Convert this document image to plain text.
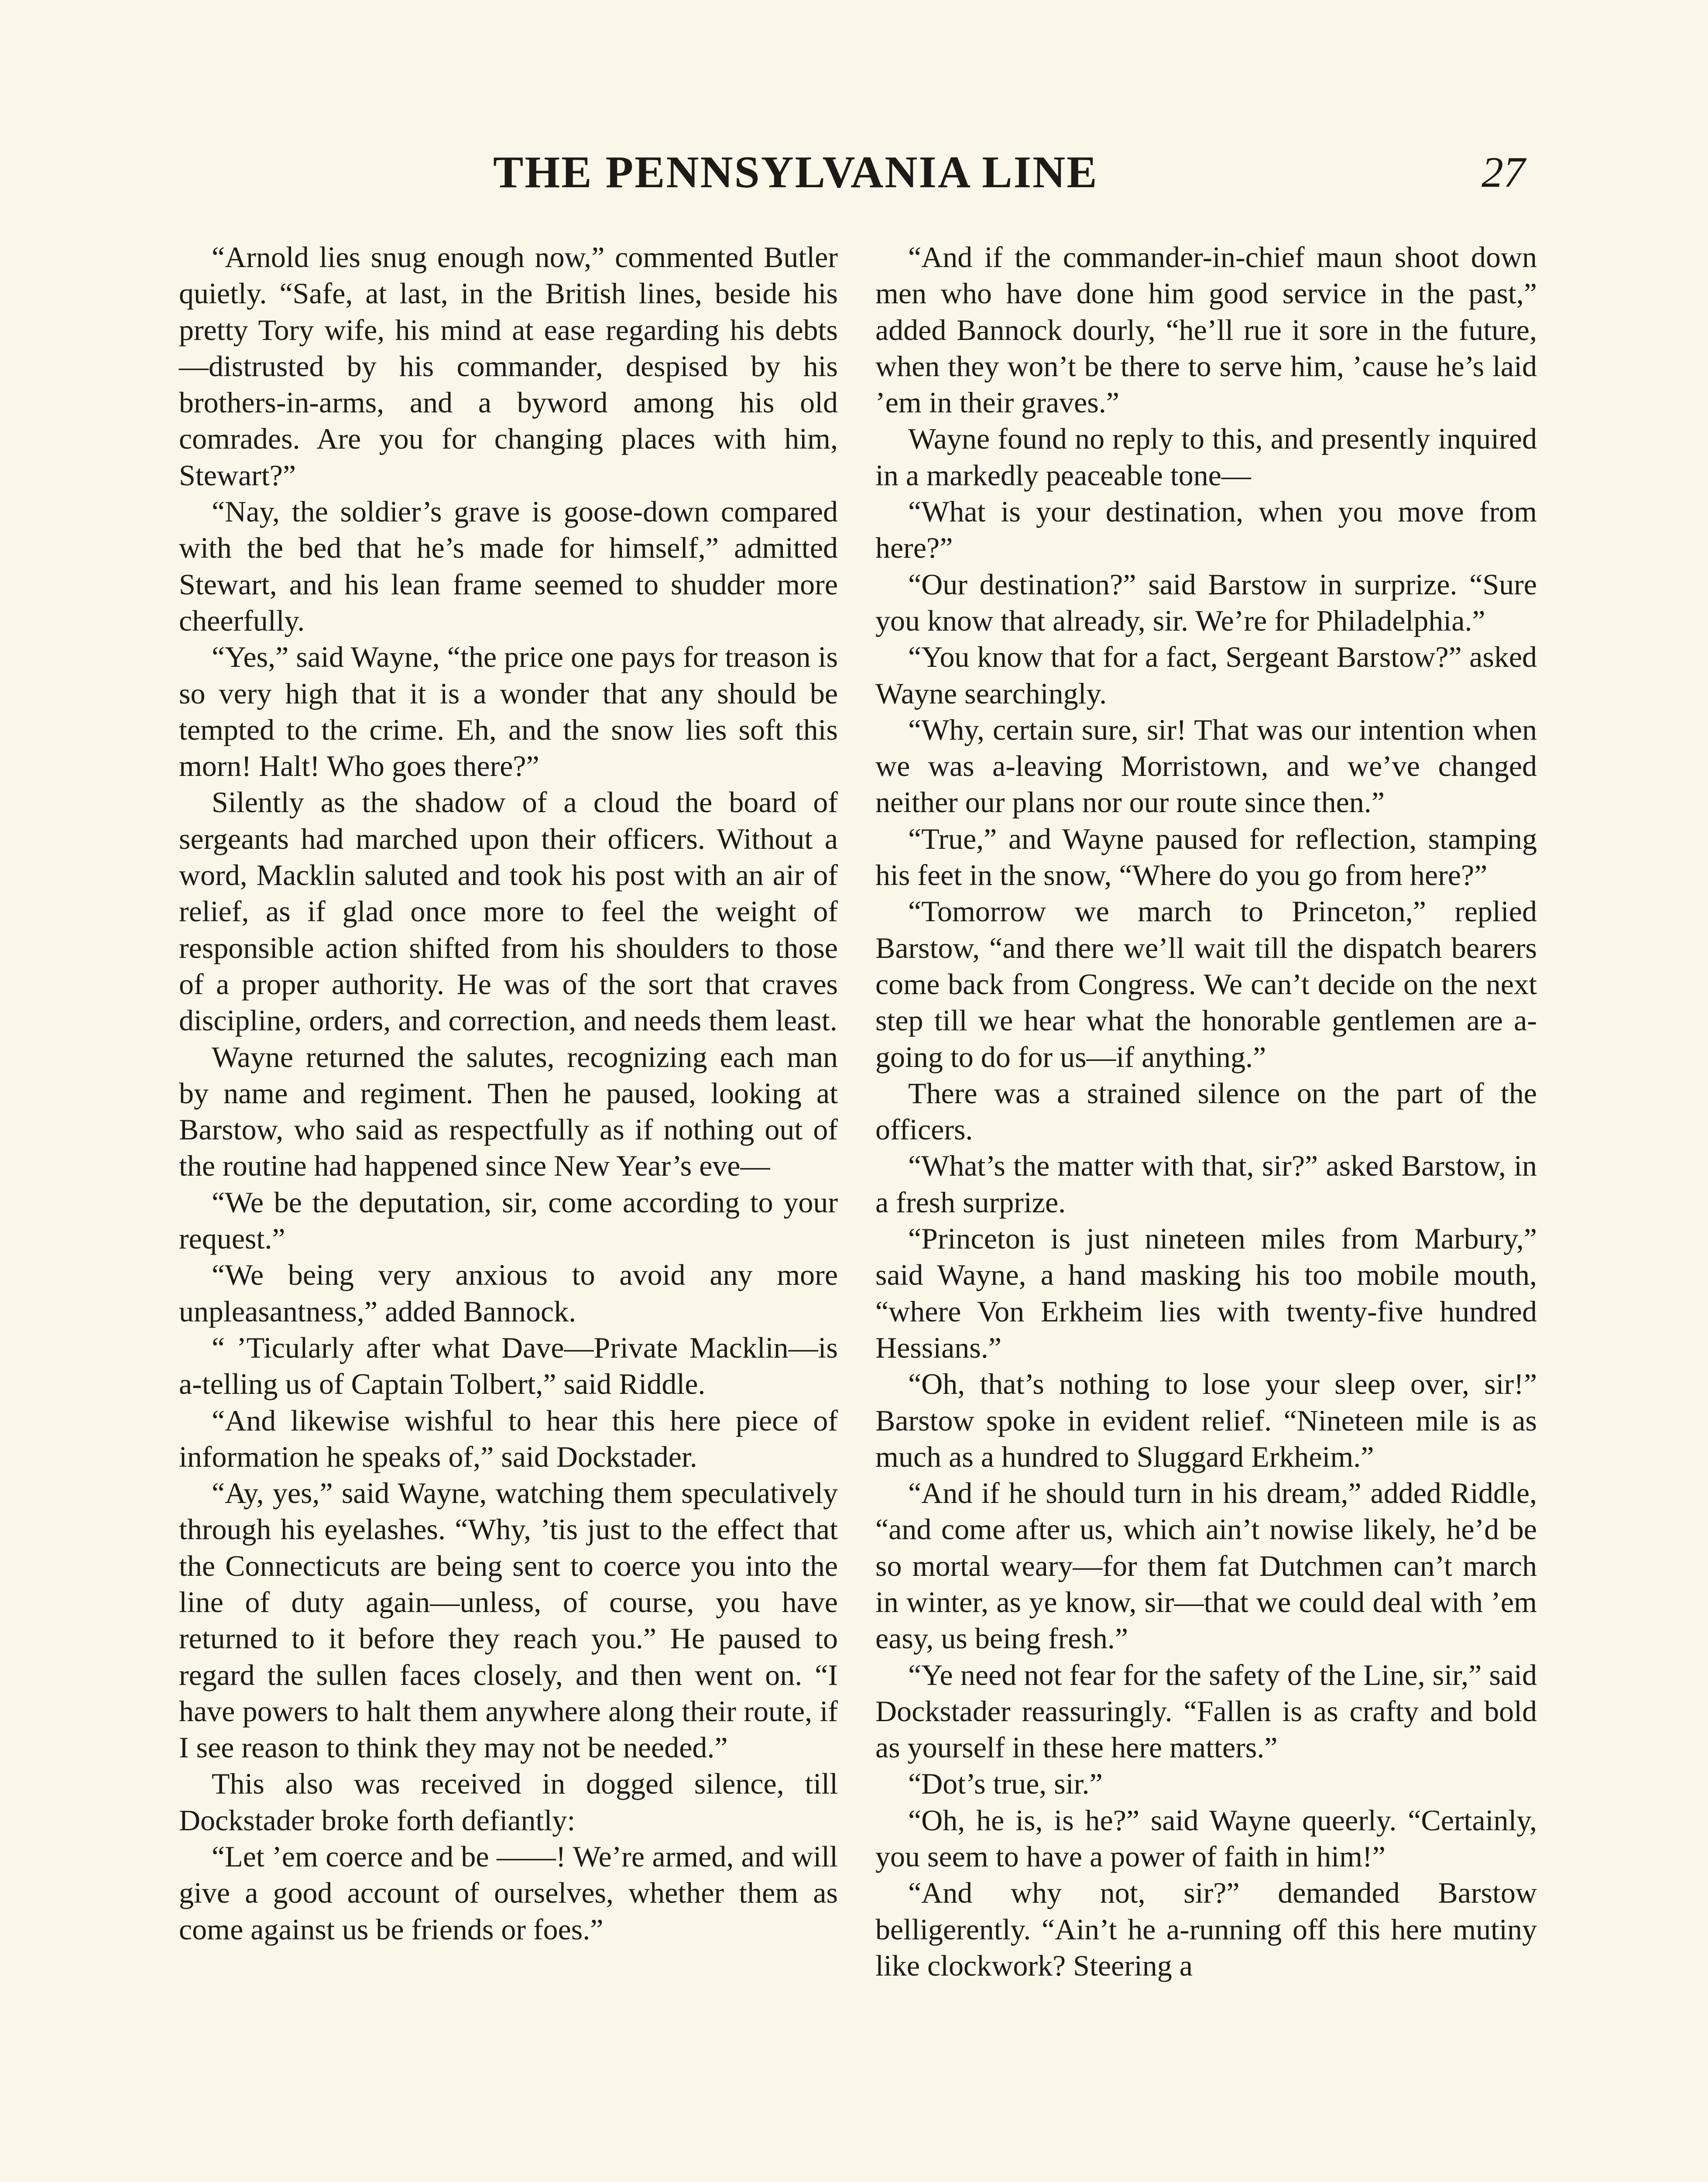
THE PENNSYLVANIA LINE	27

“Arnold lies snug enough now,” commented Butler quietly. “Safe, at last, in the British lines, beside his pretty Tory wife, his mind at ease regarding his debts—distrusted by his commander, despised by his brothers-in-arms, and a byword among his old comrades. Are you for changing places with him, Stewart?”

“Nay, the soldier’s grave is goose-down compared with the bed that he’s made for himself,” admitted Stewart, and his lean frame seemed to shudder more cheerfully.

“Yes,” said Wayne, “the price one pays for treason is so very high that it is a wonder that any should be tempted to the crime. Eh, and the snow lies soft this morn! Halt! Who goes there?”

Silently as the shadow of a cloud the board of sergeants had marched upon their officers. Without a word, Macklin saluted and took his post with an air of relief, as if glad once more to feel the weight of responsible action shifted from his shoulders to those of a proper authority. He was of the sort that craves discipline, orders, and correction, and needs them least.

Wayne returned the salutes, recognizing each man by name and regiment. Then he paused, looking at Barstow, who said as respectfully as if nothing out of the routine had happened since New Year’s eve—

“We be the deputation, sir, come according to your request.”

“We being very anxious to avoid any more unpleasantness,” added Bannock.

“ ’Ticularly after what Dave—Private Macklin—is a-telling us of Captain Tolbert,” said Riddle.

“And likewise wishful to hear this here piece of information he speaks of,” said Dockstader.

“Ay, yes,” said Wayne, watching them speculatively through his eyelashes. “Why, ’tis just to the effect that the Connecticuts are being sent to coerce you into the line of duty again—unless, of course, you have returned to it before they reach you.” He paused to regard the sullen faces closely, and then went on. “I have powers to halt them anywhere along their route, if I see reason to think they may not be needed.”

This also was received in dogged silence, till Dockstader broke forth defiantly:

“Let ’em coerce and be ——! We’re armed, and will give a good account of ourselves, whether them as come against us be friends or foes.”

“And if the commander-in-chief maun shoot down men who have done him good service in the past,” added Bannock dourly, “he’ll rue it sore in the future, when they won’t be there to serve him, ’cause he’s laid ’em in their graves.”

Wayne found no reply to this, and presently inquired in a markedly peaceable tone—

“What is your destination, when you move from here?”

“Our destination?” said Barstow in surprize. “Sure you know that already, sir. We’re for Philadelphia.”

“You know that for a fact, Sergeant Barstow?” asked Wayne searchingly.

“Why, certain sure, sir! That was our intention when we was a-leaving Morristown, and we’ve changed neither our plans nor our route since then.”

“True,” and Wayne paused for reflection, stamping his feet in the snow, “Where do you go from here?”

“Tomorrow we march to Princeton,” replied Barstow, “and there we’ll wait till the dispatch bearers come back from Congress. We can’t decide on the next step till we hear what the honorable gentlemen are a-going to do for us—if anything.”

There was a strained silence on the part of the officers.

“What’s the matter with that, sir?” asked Barstow, in a fresh surprize.

“Princeton is just nineteen miles from Marbury,” said Wayne, a hand masking his too mobile mouth, “where Von Erkheim lies with twenty-five hundred Hessians.”

“Oh, that’s nothing to lose your sleep over, sir!” Barstow spoke in evident relief. “Nineteen mile is as much as a hundred to Sluggard Erkheim.”

“And if he should turn in his dream,” added Riddle, “and come after us, which ain’t nowise likely, he’d be so mortal weary—for them fat Dutchmen can’t march in winter, as ye know, sir—that we could deal with ’em easy, us being fresh.”

“Ye need not fear for the safety of the Line, sir,” said Dockstader reassuringly. “Fallen is as crafty and bold as yourself in these here matters.”

“Dot’s true, sir.”

“Oh, he is, is he?” said Wayne queerly. “Certainly, you seem to have a power of faith in him!”

“And why not, sir?” demanded Barstow belligerently. “Ain’t he a-running off this here mutiny like clockwork? Steering a
